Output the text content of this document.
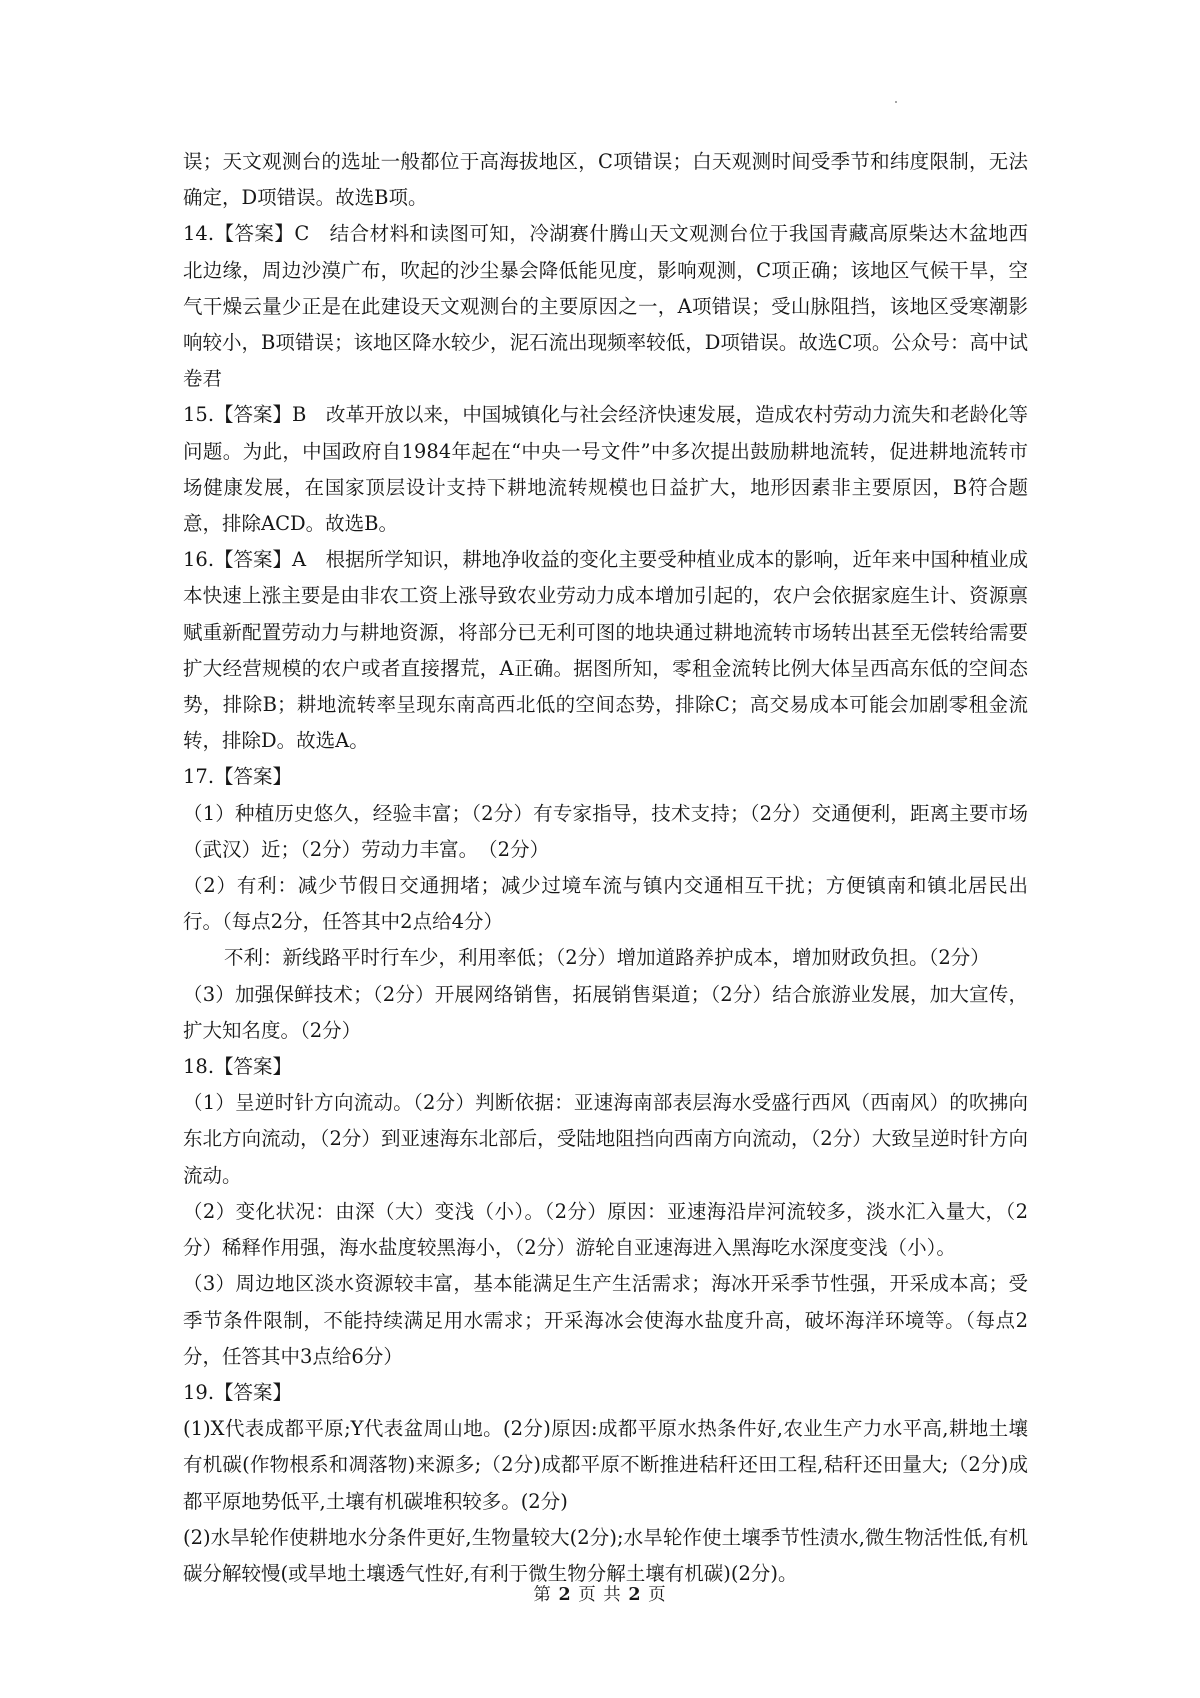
误；天文观测台的选址一般都位于高海拔地区，C项错误；白天观测时间受季节和纬度限制，无法确定，D项错误。故选B项。

14.【答案】C　结合材料和读图可知，冷湖赛什腾山天文观测台位于我国青藏高原柴达木盆地西北边缘，周边沙漠广布，吹起的沙尘暴会降低能见度，影响观测，C项正确；该地区气候干旱，空气干燥云量少正是在此建设天文观测台的主要原因之一，A项错误；受山脉阻挡，该地区受寒潮影响较小，B项错误；该地区降水较少，泥石流出现频率较低，D项错误。故选C项。公众号：高中试卷君

15.【答案】B　改革开放以来，中国城镇化与社会经济快速发展，造成农村劳动力流失和老龄化等问题。为此，中国政府自1984年起在“中央一号文件”中多次提出鼓励耕地流转，促进耕地流转市场健康发展，在国家顶层设计支持下耕地流转规模也日益扩大，地形因素非主要原因，B符合题意，排除ACD。故选B。

16.【答案】A　根据所学知识，耕地净收益的变化主要受种植业成本的影响，近年来中国种植业成本快速上涨主要是由非农工资上涨导致农业劳动力成本增加引起的，农户会依据家庭生计、资源禀赋重新配置劳动力与耕地资源，将部分已无利可图的地块通过耕地流转市场转出甚至无偿转给需要扩大经营规模的农户或者直接撂荒，A正确。据图所知，零租金流转比例大体呈西高东低的空间态势，排除B；耕地流转率呈现东南高西北低的空间态势，排除C；高交易成本可能会加剧零租金流转，排除D。故选A。

17.【答案】

（1）种植历史悠久，经验丰富；（2分）有专家指导，技术支持；（2分）交通便利，距离主要市场（武汉）近；（2分）劳动力丰富。　（2分）

（2）有利：减少节假日交通拥堵；减少过境车流与镇内交通相互干扰；方便镇南和镇北居民出行。（每点2分，任答其中2点给4分）

不利：新线路平时行车少，利用率低；（2分）增加道路养护成本，增加财政负担。（2分）

（3）加强保鲜技术；（2分）开展网络销售，拓展销售渠道；（2分）结合旅游业发展，加大宣传，扩大知名度。（2分）

18.【答案】

（1）呈逆时针方向流动。（2分）判断依据：亚速海南部表层海水受盛行西风（西南风）的吹拂向东北方向流动，（2分）到亚速海东北部后，受陆地阻挡向西南方向流动，（2分）大致呈逆时针方向流动。

（2）变化状况：由深（大）变浅（小）。（2分）原因：亚速海沿岸河流较多，淡水汇入量大，（2分）稀释作用强，海水盐度较黑海小，（2分）游轮自亚速海进入黑海吃水深度变浅（小）。

（3）周边地区淡水资源较丰富，基本能满足生产生活需求；海冰开采季节性强，开采成本高；受季节条件限制，不能持续满足用水需求；开采海冰会使海水盐度升高，破坏海洋环境等。（每点2分，任答其中3点给6分）

19.【答案】

(1)X代表成都平原;Y代表盆周山地。(2分)原因:成都平原水热条件好,农业生产力水平高,耕地土壤有机碳(作物根系和凋落物)来源多;（2分)成都平原不断推进秸秆还田工程,秸秆还田量大;（2分)成都平原地势低平,土壤有机碳堆积较多。(2分)

(2)水旱轮作使耕地水分条件更好,生物量较大(2分);水旱轮作使土壤季节性渍水,微生物活性低,有机碳分解较慢(或旱地土壤透气性好,有利于微生物分解土壤有机碳)(2分)。

第 2 页 共 2 页
